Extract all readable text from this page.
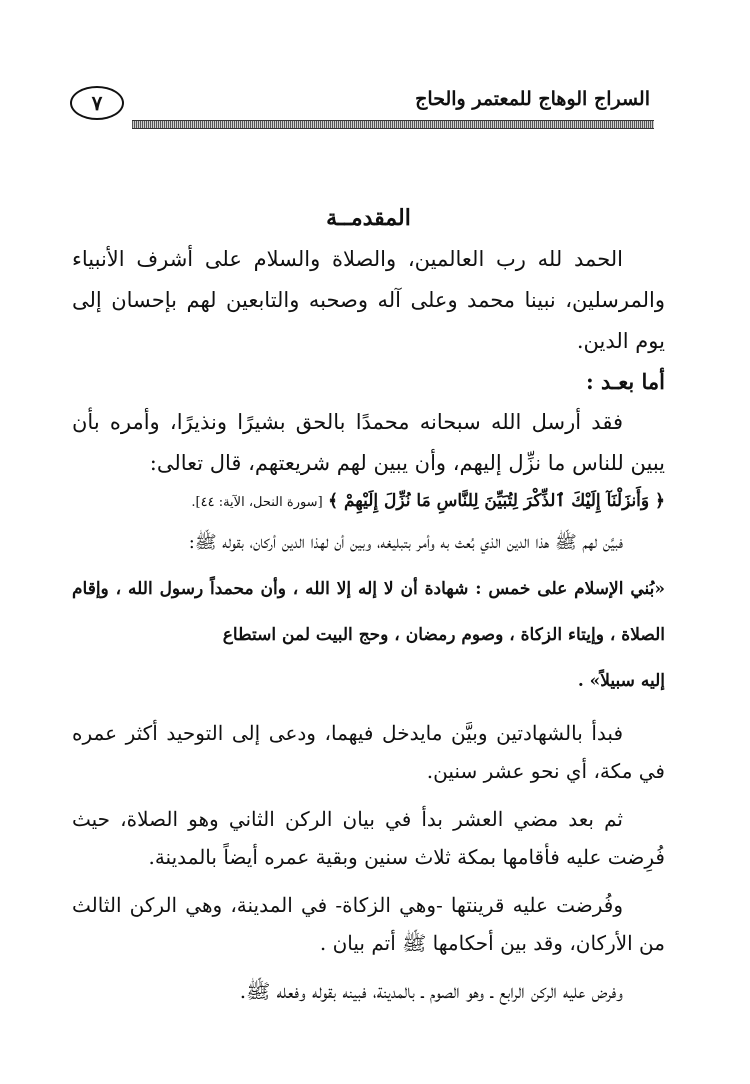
٧	السراج الوهاج للمعتمر والحاج
المقدمــة

الحمد لله رب العالمين، والصلاة والسلام على أشرف الأنبياء والمرسلين، نبينا محمد وعلى آله وصحبه والتابعين لهم بإحسان إلى يوم الدين.

أما بعـد :

فقد أرسل الله سبحانه محمدًا بالحق بشيرًا ونذيرًا، وأمره بأن يبين للناس ما نزِّل إليهم، وأن يبين لهم شريعتهم، قال تعالى:

﴿ وَأَنزَلْنَآ إِلَيْكَ ٱلذِّكْرَ لِتُبَيِّنَ لِلنَّاسِ مَا نُزِّلَ إِلَيْهِمْ ﴾ [سورة النحل، الآية: ٤٤].

فبيَّن لهم ﷺ هذا الدين الذي بُعث به وأمر بتبليغه، وبين أن لهذا الدين أركان، بقوله ﷺ:

«بُني الإسلام على خمس : شهادة أن لا إله إلا الله ، وأن محمداً رسول الله ، وإقام الصلاة ، وإيتاء الزكاة ، وصوم رمضان ، وحج البيت لمن استطاع

إليه سبيلاً» .

فبدأ بالشهادتين وبيَّن مايدخل فيهما، ودعى إلى التوحيد أكثر عمره في مكة، أي نحو عشر سنين.

ثم بعد مضي العشر بدأ في بيان الركن الثاني وهو الصلاة، حيث فُرِضت عليه فأقامها بمكة ثلاث سنين وبقية عمره أيضاً بالمدينة.

وفُرضت عليه قرينتها -وهي الزكاة- في المدينة، وهي الركن الثالث من الأركان، وقد بين أحكامها ﷺ أتم بيان .

وفرض عليه الركن الرابع ـ وهو الصوم ـ بالمدينة، فبينه بقوله وفعله ﷺ.
